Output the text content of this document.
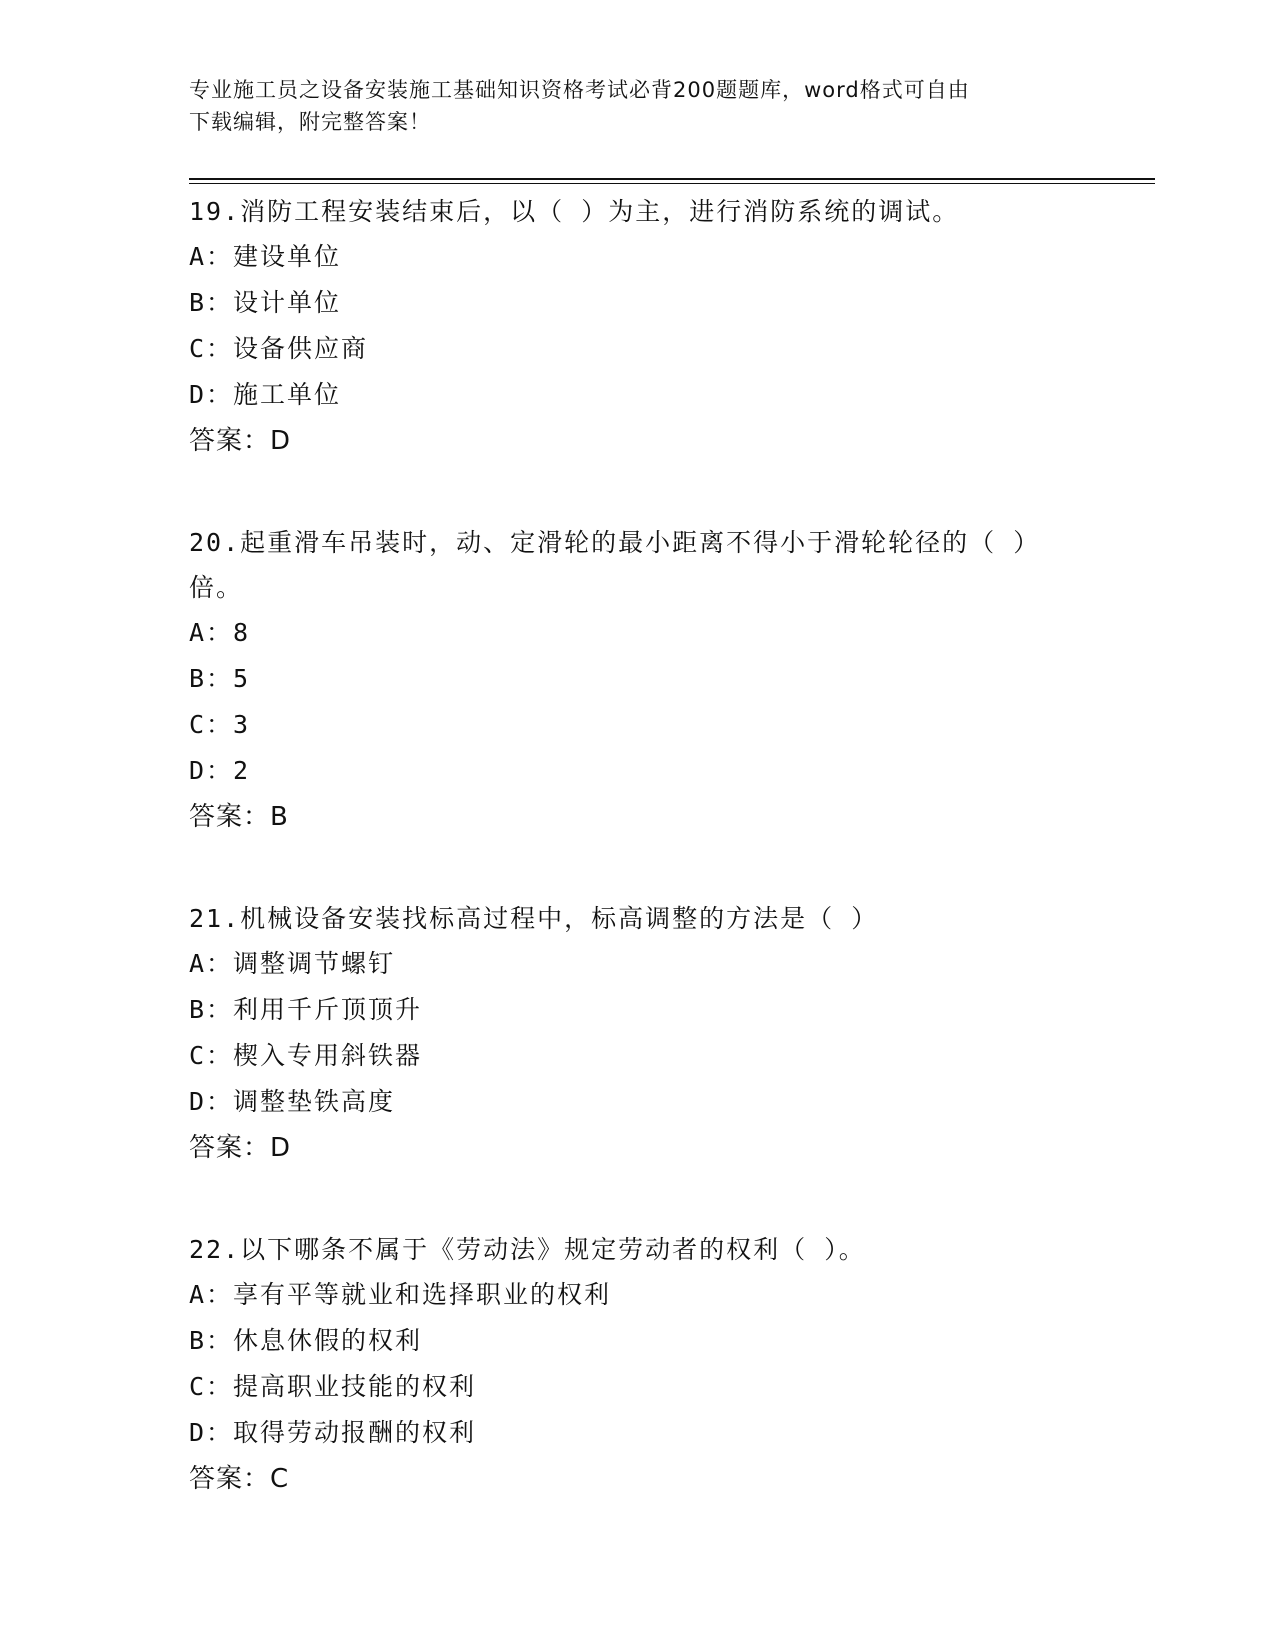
专业施工员之设备安装施工基础知识资格考试必背200题题库，word格式可自由
下载编辑，附完整答案！
19.消防工程安装结束后，以（ ）为主，进行消防系统的调试。
A：建设单位
B：设计单位
C：设备供应商
D：施工单位
答案：D
20.起重滑车吊装时，动、定滑轮的最小距离不得小于滑轮轮径的（ ）倍。
A：8
B：5
C：3
D：2
答案：B
21.机械设备安装找标高过程中，标高调整的方法是（ ）
A：调整调节螺钉
B：利用千斤顶顶升
C：楔入专用斜铁器
D：调整垫铁高度
答案：D
22.以下哪条不属于《劳动法》规定劳动者的权利（ ）。
A：享有平等就业和选择职业的权利
B：休息休假的权利
C：提高职业技能的权利
D：取得劳动报酬的权利
答案：C
